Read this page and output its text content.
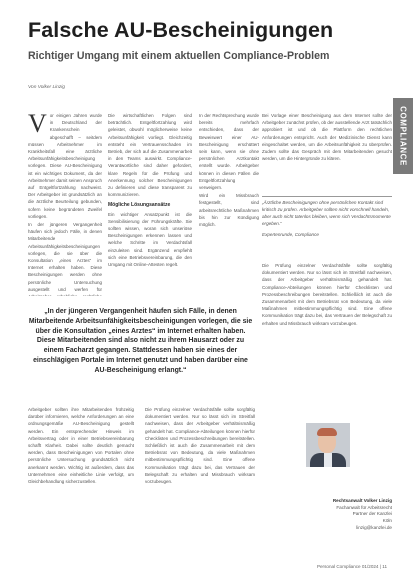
Falsche AU-Bescheinigungen
Richtiger Umgang mit einem aktuellen Compliance-Problem
Von Volker Linzig
COMPLIANCE

Vor einigen Jahren wurde in Deutschland der Krankenschein abgeschafft – seitdem müssen Arbeitnehmer im Krankheitsfall eine ärztliche Arbeitsunfähigkeitsbescheinigung vorlegen. Diese AU-Bescheinigung ist ein wichtiges Dokument, da der Arbeitnehmer damit seinen Anspruch auf Entgeltfortzahlung nachweist. Der Arbeitgeber ist grundsätzlich an die ärztliche Beurteilung gebunden, sofern keine begründeten Zweifel vorliegen.

In der jüngeren Vergangenheit häufen sich jedoch Fälle, in denen Mitarbeitende Arbeitsunfähigkeitsbescheinigungen vorlegen, die sie über die Konsultation „eines Arztes“ im Internet erhalten haben. Diese Bescheinigungen werden ohne persönliche Untersuchung ausgestellt und werfen für

Die wirtschaftlichen Folgen sind beträchtlich. Entgeltfortzahlung wird geleistet, obwohl möglicherweise keine Arbeitsunfähigkeit vorliegt. Gleichzeitig entsteht ein Vertrauensschaden im Betrieb, der sich auf die Zusammenarbeit in den Teams auswirkt. Compliance-Verantwortliche sind daher gefordert, klare Regeln für die Prüfung und Anerkennung solcher Bescheinigungen zu definieren und diese transparent zu kommunizieren.

Mögliche Lösungsansätze

Ein wichtiger Ansatzpunkt ist die Sensibilisierung der Führungskräfte. Sie sollten wissen, woran sich unseriöse Bescheinigungen erkennen lassen und welche Schritte im Verdachtsfall einzuleiten sind. Ergänzend empfiehlt sich eine Betriebsvereinbarung, die den Umgang mit Online-Attesten regelt.

In der Rechtsprechung wurde bereits mehrfach entschieden, dass der Beweiswert einer AU-Bescheinigung erschüttert sein kann, wenn sie ohne persönlichen Arztkontakt erstellt wurde. Arbeitgeber können in diesen Fällen die Entgeltfortzahlung verweigern.

Wird ein Missbrauch festgestellt, sind arbeitsrechtliche Maßnahmen bis hin zur Kündigung möglich.

Bei Vorlage einer Bescheinigung aus dem Internet sollte der Arbeitgeber zunächst prüfen, ob der ausstellende Arzt tatsächlich approbiert ist und ob die Plattform den rechtlichen Anforderungen entspricht. Auch der Medizinische Dienst kann eingeschaltet werden, um die Arbeitsunfähigkeit zu überprüfen. Zudem sollte das Gespräch mit dem Mitarbeitenden gesucht werden, um die Hintergründe zu klären.

„Ärztliche Bescheinigungen ohne persönlichen Kontakt sind kritisch zu prüfen. Arbeitgeber sollten nicht vorschnell handeln, aber auch nicht tatenlos bleiben, wenn sich Verdachtsmomente ergeben.“
Expertenrunde, Compliance

Die Prüfung einzelner Verdachtsfälle sollte sorgfältig dokumentiert werden. Nur so lässt sich im Streitfall nachweisen, dass der Arbeitgeber verhältnismäßig gehandelt hat. Compliance-Abteilungen können hierfür Checklisten und Prozessbeschreibungen bereitstellen. Schließlich ist auch die Zusammenarbeit mit dem Betriebsrat von Bedeutung, da viele Maßnahmen mitbestimmungspflichtig sind. Eine offene Kommunikation trägt dazu bei, das Vertrauen der Belegschaft zu erhalten und Missbrauch wirksam vorzubeugen.

„In der jüngeren Vergangenheit häufen sich Fälle, in denen Mitarbeitende Arbeitsunfähigkeitsbescheinigungen vorlegen, die sie über die Konsultation „eines Arztes“ im Internet erhalten haben. Diese Mitarbeitenden sind also nicht zu ihrem Hausarzt oder zu einem Facharzt gegangen. Stattdessen haben sie eines der einschlägigen Portale im Internet genutzt und haben darüber eine AU-Bescheinigung erlangt.“

Arbeitgeber sollten ihre Mitarbeitenden frühzeitig darüber informieren, welche Anforderungen an eine ordnungsgemäße AU-Bescheinigung gestellt werden. Ein entsprechender Hinweis im Arbeitsvertrag oder in einer Betriebsvereinbarung schafft Klarheit. Dabei sollte deutlich gemacht werden, dass Bescheinigungen von Portalen ohne persönliche Untersuchung grundsätzlich nicht anerkannt werden. Wichtig ist außerdem, dass das Unternehmen eine einheitliche Linie verfolgt, um Gleichbehandlung sicherzustellen.

Die Prüfung einzelner Verdachtsfälle sollte sorgfältig dokumentiert werden. Nur so lässt sich im Streitfall nachweisen, dass der Arbeitgeber verhältnismäßig gehandelt hat. Compliance-Abteilungen können hierfür Checklisten und Prozessbeschreibungen bereitstellen. Schließlich ist auch die Zusammenarbeit mit dem Betriebsrat von Bedeutung, da viele Maßnahmen mitbestimmungspflichtig sind. Eine offene Kommunikation trägt dazu bei, das Vertrauen der Belegschaft zu erhalten und Missbrauch wirksam vorzubeugen.

Rechtsanwalt Volker Linzig
Fachanwalt für Arbeitsrecht
Partner der Kanzlei
Köln
linzig@kanzlei.de
Personal Compliance 01/2024 | 11
